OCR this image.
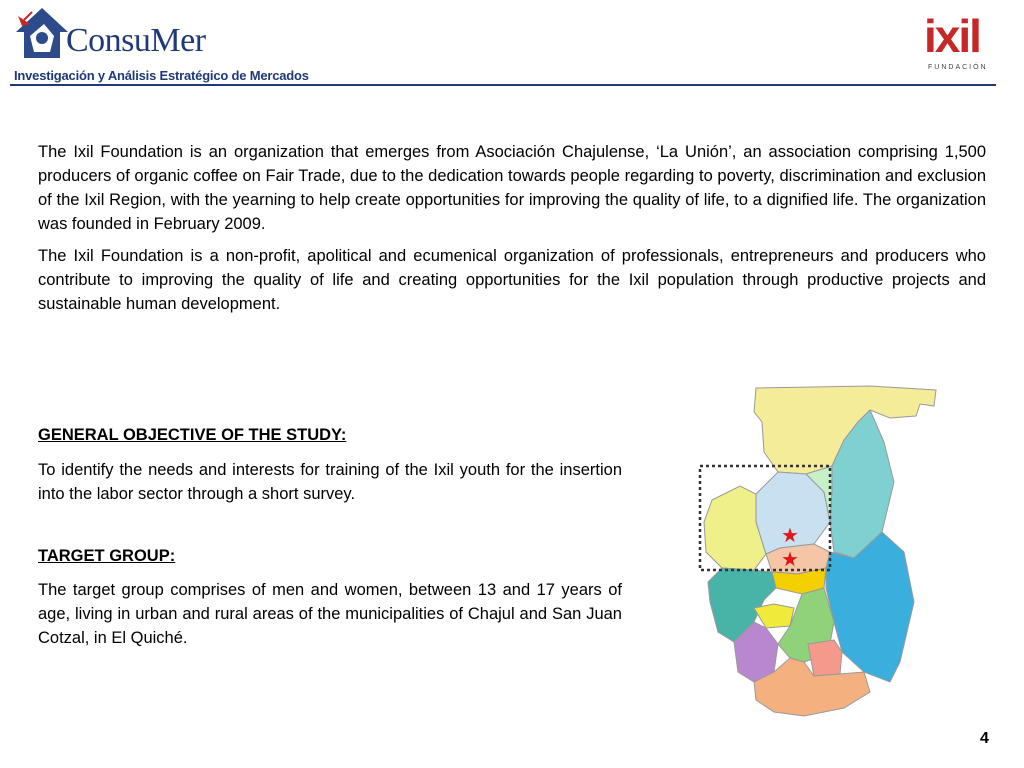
ConsuMer
Investigación y Análisis Estratégico de Mercados
ixil
FUNDACIÓN

The Ixil Foundation is an organization that emerges from Asociación Chajulense, ‘La Unión’, an association comprising 1,500 producers of organic coffee on Fair Trade, due to the dedication towards people regarding to poverty, discrimination and exclusion of the Ixil Region, with the yearning to help create opportunities for improving the quality of life, to a dignified life. The organization was founded in February 2009.

The Ixil Foundation is a non-profit, apolitical and ecumenical organization of professionals, entrepreneurs and producers who contribute to improving the quality of life and creating opportunities for the Ixil population through productive projects and sustainable human development.

GENERAL OBJECTIVE OF THE STUDY:

To identify the needs and interests for training of the Ixil youth for the insertion into the labor sector through a short survey.

TARGET GROUP:

The target group comprises of men and women, between 13 and 17 years of age, living in urban and rural areas of the municipalities of Chajul and San Juan Cotzal, in El Quiché.

★
★
4
